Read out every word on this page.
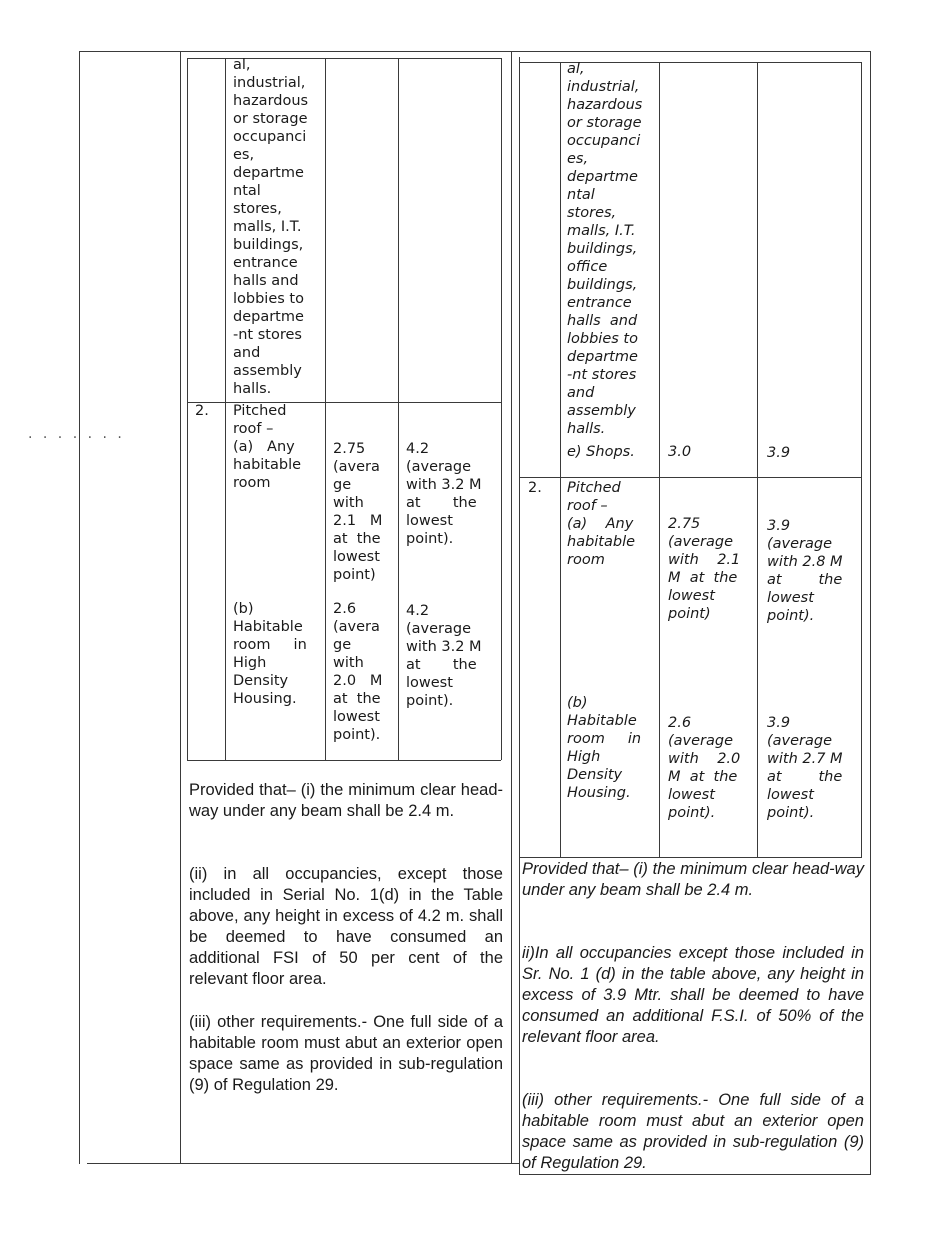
. . . . . . .
al,
industrial,
hazardous
or storage
occupanci
es,
departme
ntal
stores,
malls, I.T.
buildings,
entrance
halls and
lobbies to
departme
-nt stores
and
assembly
halls.
2. Pitched
roof –
(a)   Any
habitable
room
2.75
(avera
ge
with
2.1   M
at  the
lowest
point)
4.2
(average
with 3.2 M
at       the
lowest
point).
(b)
Habitable
room     in
High
Density
Housing.
2.6
(avera
ge
with
2.0   M
at  the
lowest
point).
4.2
(average
with 3.2 M
at       the
lowest
point).
Provided that– (i) the minimum clear head-way under any beam shall be 2.4 m.
(ii) in all occupancies, except those included in Serial No. 1(d) in the Table above, any height in excess of 4.2 m. shall be deemed to have consumed an additional FSI of 50 per cent of the relevant floor area.
(iii) other requirements.- One full side of a habitable room must abut an exterior open space same as provided in sub-regulation (9) of Regulation 29.
al,
industrial,
hazardous
or storage
occupanci
es,
departme
ntal
stores,
malls, I.T.
buildings,
office
buildings,
entrance
halls  and
lobbies to
departme
-nt stores
and
assembly
halls.
e) Shops. 3.0	3.9
2. Pitched
roof –
(a)    Any
habitable
room
2.75
(average
with    2.1
M  at  the
lowest
point)
3.9
(average
with 2.8 M
at        the
lowest
point).
(b)
Habitable
room     in
High
Density
Housing.
2.6
(average
with    2.0
M  at  the
lowest
point).
3.9
(average
with 2.7 M
at        the
lowest
point).
Provided that– (i) the minimum clear head-way under any beam shall be 2.4 m.
ii)In all occupancies except those included in Sr. No. 1 (d) in the table above, any height in excess of 3.9 Mtr. shall be deemed to have consumed an additional F.S.I. of 50% of the relevant floor area.
(iii) other requirements.- One full side of a habitable room must abut an exterior open space same as provided in sub-regulation (9) of Regulation 29.
